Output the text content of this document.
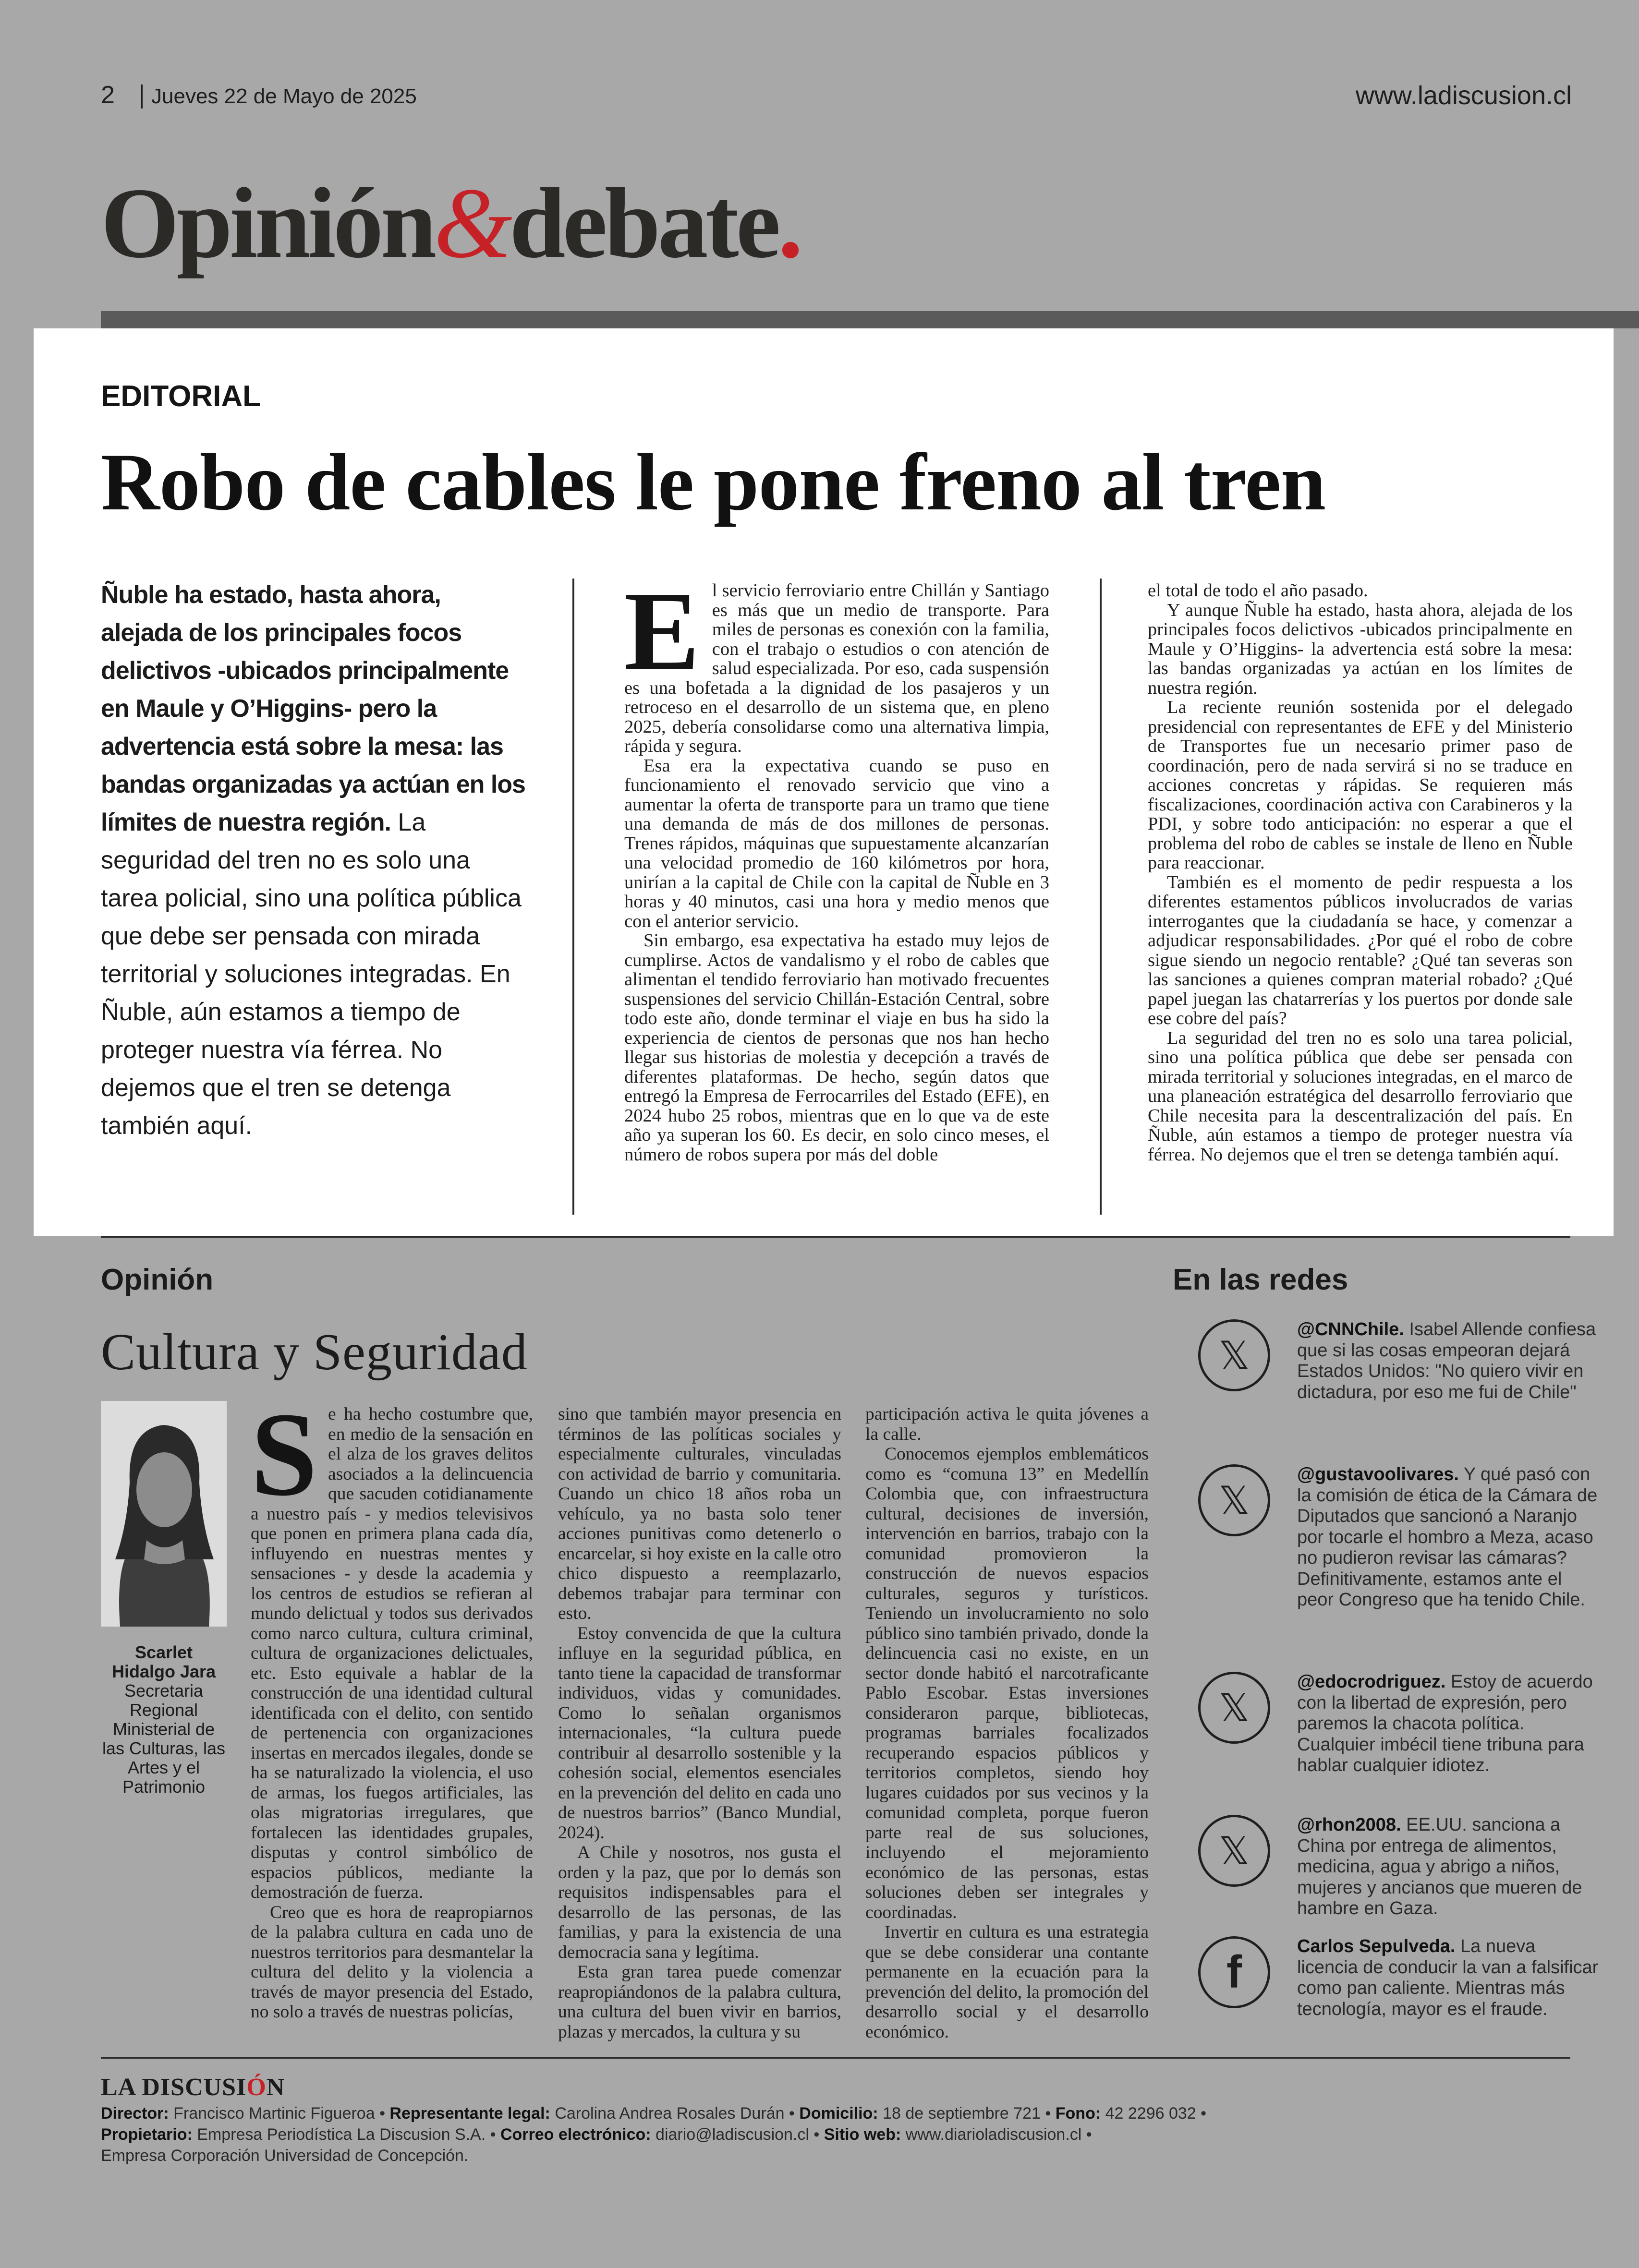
2 Jueves 22 de Mayo de 2025	www.ladiscusion.cl
Opinión&debate.
EDITORIAL
Robo de cables le pone freno al tren
Ñuble ha estado, hasta ahora, alejada de los principales focos delictivos -ubicados principalmente en Maule y O’Higgins- pero la advertencia está sobre la mesa: las bandas organizadas ya actúan en los límites de nuestra región. La seguridad del tren no es solo una tarea policial, sino una política pública que debe ser pensada con mirada territorial y soluciones integradas. En Ñuble, aún estamos a tiempo de proteger nuestra vía férrea. No dejemos que el tren se detenga también aquí.
E l servicio ferroviario entre Chillán y Santiago es más que un medio de transporte. Para miles de personas es conexión con la familia, con el trabajo o estudios o con atención de salud especializada. Por eso, cada suspensión es una bofetada a la dignidad de los pasajeros y un retroceso en el desarrollo de un sistema que, en pleno 2025, debería consolidarse como una alternativa limpia, rápida y segura.

Esa era la expectativa cuando se puso en funcionamiento el renovado servicio que vino a aumentar la oferta de transporte para un tramo que tiene una demanda de más de dos millones de personas. Trenes rápidos, máquinas que supuestamente alcanzarían una velocidad promedio de 160 kilómetros por hora, unirían a la capital de Chile con la capital de Ñuble en 3 horas y 40 minutos, casi una hora y medio menos que con el anterior servicio.

Sin embargo, esa expectativa ha estado muy lejos de cumplirse. Actos de vandalismo y el robo de cables que alimentan el tendido ferroviario han motivado frecuentes suspensiones del servicio Chillán-Estación Central, sobre todo este año, donde terminar el viaje en bus ha sido la experiencia de cientos de personas que nos han hecho llegar sus historias de molestia y decepción a través de diferentes plataformas. De hecho, según datos que entregó la Empresa de Ferrocarriles del Estado (EFE), en 2024 hubo 25 robos, mientras que en lo que va de este año ya superan los 60. Es decir, en solo cinco meses, el número de robos supera por más del doble

el total de todo el año pasado.

Y aunque Ñuble ha estado, hasta ahora, alejada de los principales focos delictivos -ubicados principalmente en Maule y O’Higgins- la advertencia está sobre la mesa: las bandas organizadas ya actúan en los límites de nuestra región.

La reciente reunión sostenida por el delegado presidencial con representantes de EFE y del Ministerio de Transportes fue un necesario primer paso de coordinación, pero de nada servirá si no se traduce en acciones concretas y rápidas. Se requieren más fiscalizaciones, coordinación activa con Carabineros y la PDI, y sobre todo anticipación: no esperar a que el problema del robo de cables se instale de lleno en Ñuble para reaccionar.

También es el momento de pedir respuesta a los diferentes estamentos públicos involucrados de varias interrogantes que la ciudadanía se hace, y comenzar a adjudicar responsabilidades. ¿Por qué el robo de cobre sigue siendo un negocio rentable? ¿Qué tan severas son las sanciones a quienes compran material robado? ¿Qué papel juegan las chatarrerías y los puertos por donde sale ese cobre del país?

La seguridad del tren no es solo una tarea policial, sino una política pública que debe ser pensada con mirada territorial y soluciones integradas, en el marco de una planeación estratégica del desarrollo ferroviario que Chile necesita para la descentralización del país. En Ñuble, aún estamos a tiempo de proteger nuestra vía férrea. No dejemos que el tren se detenga también aquí.

Opinión
Cultura y Seguridad
Scarlet Hidalgo Jara
Secretaria Regional Ministerial de las Culturas, las Artes y el Patrimonio
S e ha hecho costumbre que, en medio de la sensación en el alza de los graves delitos asociados a la delincuencia que sacuden cotidianamente a nuestro país - y medios televisivos que ponen en primera plana cada día, influyendo en nuestras mentes y sensaciones - y desde la academia y los centros de estudios se refieran al mundo delictual y todos sus derivados como narco cultura, cultura criminal, cultura de organizaciones delictuales, etc. Esto equivale a hablar de la construcción de una identidad cultural identificada con el delito, con sentido de pertenencia con organizaciones insertas en mercados ilegales, donde se ha se naturalizado la violencia, el uso de armas, los fuegos artificiales, las olas migratorias irregulares, que fortalecen las identidades grupales, disputas y control simbólico de espacios públicos, mediante la demostración de fuerza.

Creo que es hora de reapropiarnos de la palabra cultura en cada uno de nuestros territorios para desmantelar la cultura del delito y la violencia a través de mayor presencia del Estado, no solo a través de nuestras policías,

sino que también mayor presencia en términos de las políticas sociales y especialmente culturales, vinculadas con actividad de barrio y comunitaria. Cuando un chico 18 años roba un vehículo, ya no basta solo tener acciones punitivas como detenerlo o encarcelar, si hoy existe en la calle otro chico dispuesto a reemplazarlo, debemos trabajar para terminar con esto.

Estoy convencida de que la cultura influye en la seguridad pública, en tanto tiene la capacidad de transformar individuos, vidas y comunidades. Como lo señalan organismos internacionales, “la cultura puede contribuir al desarrollo sostenible y la cohesión social, elementos esenciales en la prevención del delito en cada uno de nuestros barrios” (Banco Mundial, 2024).

A Chile y nosotros, nos gusta el orden y la paz, que por lo demás son requisitos indispensables para el desarrollo de las personas, de las familias, y para la existencia de una democracia sana y legítima.

Esta gran tarea puede comenzar reapropiándonos de la palabra cultura, una cultura del buen vivir en barrios, plazas y mercados, la cultura y su

participación activa le quita jóvenes a la calle.

Conocemos ejemplos emblemáticos como es “comuna 13” en Medellín Colombia que, con infraestructura cultural, decisiones de inversión, intervención en barrios, trabajo con la comunidad promovieron la construcción de nuevos espacios culturales, seguros y turísticos. Teniendo un involucramiento no solo público sino también privado, donde la delincuencia casi no existe, en un sector donde habitó el narcotraficante Pablo Escobar. Estas inversiones consideraron parque, bibliotecas, programas barriales focalizados recuperando espacios públicos y territorios completos, siendo hoy lugares cuidados por sus vecinos y la comunidad completa, porque fueron parte real de sus soluciones, incluyendo el mejoramiento económico de las personas, estas soluciones deben ser integrales y coordinadas.

Invertir en cultura es una estrategia que se debe considerar una contante permanente en la ecuación para la prevención del delito, la promoción del desarrollo social y el desarrollo económico.

En las redes
𝕏
@CNNChile. Isabel Allende confiesa que si las cosas empeoran dejará Estados Unidos: "No quiero vivir en dictadura, por eso me fui de Chile"
𝕏
@gustavoolivares. Y qué pasó con la comisión de ética de la Cámara de Diputados que sancionó a Naranjo por tocarle el hombro a Meza, acaso no pudieron revisar las cámaras? Definitivamente, estamos ante el peor Congreso que ha tenido Chile.
𝕏
@edocrodriguez. Estoy de acuerdo con la libertad de expresión, pero paremos la chacota política. Cualquier imbécil tiene tribuna para hablar cualquier idiotez.
𝕏
@rhon2008. EE.UU. sanciona a China por entrega de alimentos, medicina, agua y abrigo a niños, mujeres y ancianos que mueren de hambre en Gaza.
f	Carlos Sepulveda. La nueva licencia de conducir la van a falsificar como pan caliente. Mientras más tecnología, mayor es el fraude.
LA DISCUSIÓN
Director: Francisco Martinic Figueroa • Representante legal: Carolina Andrea Rosales Durán • Domicilio: 18 de septiembre 721 • Fono: 42 2296 032 •
Propietario: Empresa Periodística La Discusion S.A. • Correo electrónico: diario@ladiscusion.cl • Sitio web: www.diarioladiscusion.cl •
Empresa Corporación Universidad de Concepción.
